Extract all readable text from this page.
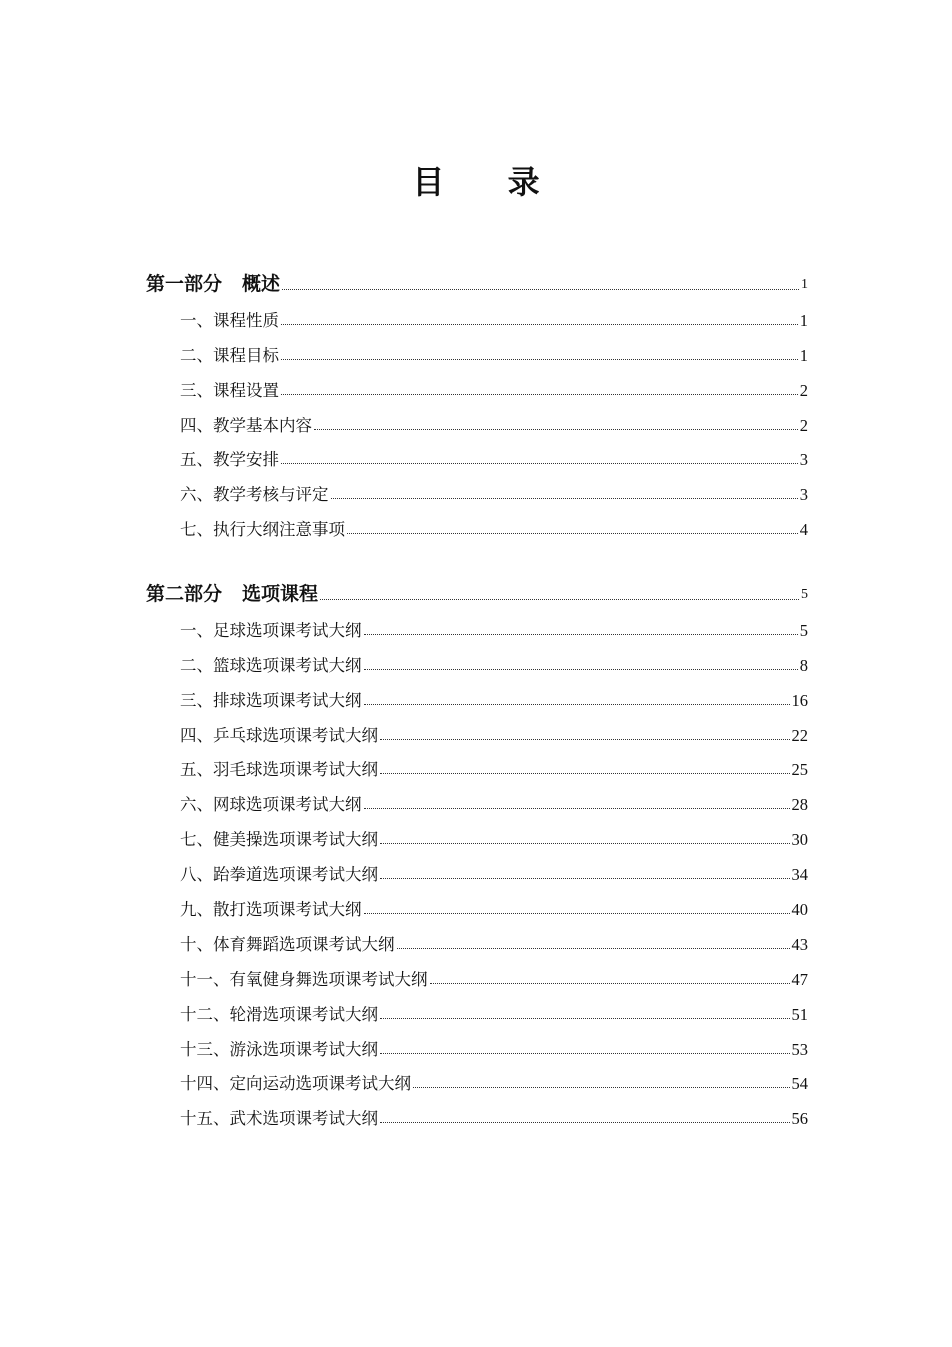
目 录
第一部分 概述	1
一、课程性质	1
二、课程目标	1
三、课程设置	2
四、教学基本内容	2
五、教学安排	3
六、教学考核与评定	3
七、执行大纲注意事项	4
第二部分 选项课程	5
一、足球选项课考试大纲	5
二、篮球选项课考试大纲	8
三、排球选项课考试大纲	16
四、乒乓球选项课考试大纲	22
五、羽毛球选项课考试大纲	25
六、网球选项课考试大纲	28
七、健美操选项课考试大纲	30
八、跆拳道选项课考试大纲	34
九、散打选项课考试大纲	40
十、体育舞蹈选项课考试大纲	43
十一、有氧健身舞选项课考试大纲	47
十二、轮滑选项课考试大纲	51
十三、游泳选项课考试大纲	53
十四、定向运动选项课考试大纲	54
十五、武术选项课考试大纲	56
